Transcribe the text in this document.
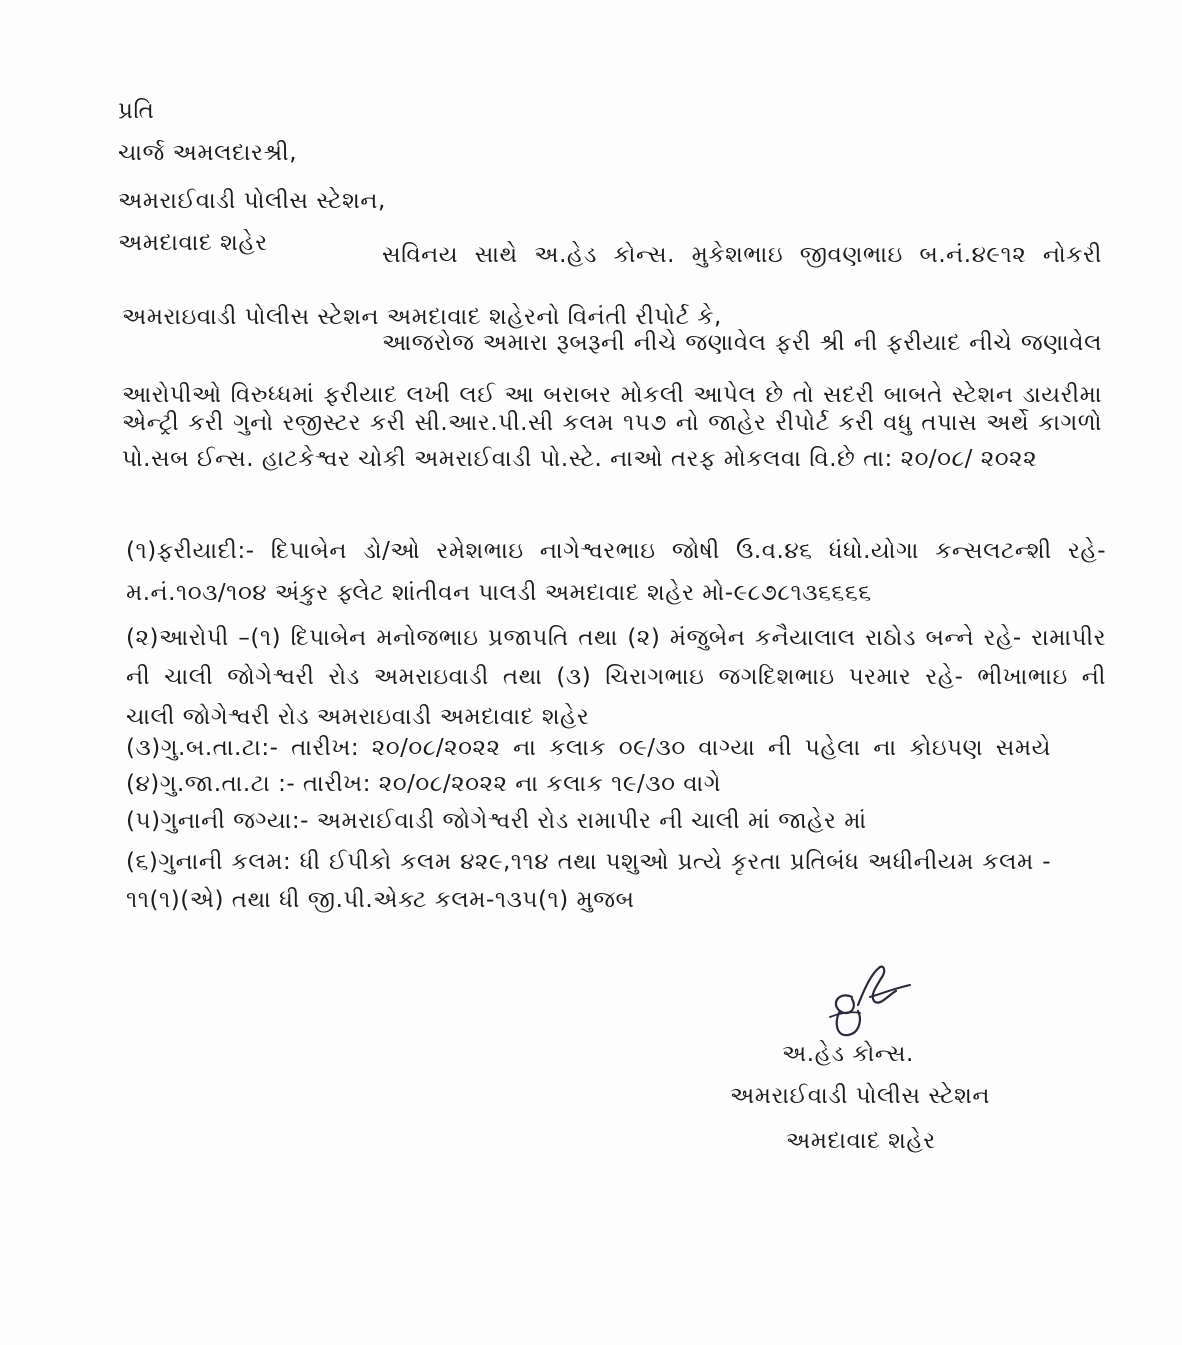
પ્રતિ
ચાર્જ અમલદારશ્રી,
અમરાઈવાડી પોલીસ સ્ટેશન,
અમદાવાદ શહેર	સવિનય સાથે અ.હેડ કોન્સ. મુકેશભાઇ જીવણભાઇ બ.નં.૪૯૧૨ નોકરી
અમરાઇવાડી પોલીસ સ્ટેશન અમદાવાદ શહેરનો વિનંતી રીપોર્ટ કે,
આજરોજ અમારા રૂબરૂની નીચે જણાવેલ ફરી શ્રી ની ફરીયાદ નીચે જણાવેલ
આરોપીઓ વિરુધ્ધમાં ફરીયાદ લખી લઈ આ બરાબર મોકલી આપેલ છે તો સદરી બાબતે સ્ટેશન ડાયરીમા
એન્ટ્રી કરી ગુનો રજીસ્ટર કરી સી.આર.પી.સી કલમ ૧૫૭ નો જાહેર રીપોર્ટ કરી વધુ તપાસ અર્થે કાગળો
પો.સબ ઈન્સ. હાટકેશ્વર ચોકી અમરાઈવાડી પો.સ્ટે. નાઓ તરફ મોકલવા વિ.છે તા: ૨૦/૦૮/ ૨૦૨૨
(૧)ફરીયાદી:- દિપાબેન ડો/ઓ રમેશભાઇ નાગેશ્વરભાઇ જોષી ઉ.વ.૪૬ ધંધો.યોગા કન્સલટન્શી રહે-
મ.નં.૧૦૩/૧૦૪ અંકુર ફ્લેટ શાંતીવન પાલડી અમદાવાદ શહેર મો-૯૮૭૮૧૩૬૬૬૬
(૨)આરોપી –(૧) દિપાબેન મનોજભાઇ પ્રજાપતિ તથા (૨) મંજુબેન કનૈયાલાલ રાઠોડ બન્ને રહે- રામાપીર
ની ચાલી જોગેશ્વરી રોડ અમરાઇવાડી તથા (૩) ચિરાગભાઇ જગદિશભાઇ પરમાર રહે- ભીખાભાઇ ની
ચાલી જોગેશ્વરી રોડ અમરાઇવાડી અમદાવાદ શહેર
(૩)ગુ.બ.તા.ટા:- તારીખ: ૨૦/૦૮/૨૦૨૨ ના કલાક ૦૯/૩૦ વાગ્યા ની પહેલા ના કોઇપણ સમયે
(૪)ગુ.જા.તા.ટા :- તારીખ: ૨૦/૦૮/૨૦૨૨ ના કલાક ૧૯/૩૦ વાગે
(૫)ગુનાની જગ્યા:- અમરાઈવાડી જોગેશ્વરી રોડ રામાપીર ની ચાલી માં જાહેર માં
(૬)ગુનાની કલમ: ધી ઈપીકો કલમ ૪૨૯,૧૧૪ તથા પશુઓ પ્રત્યે કૃરતા પ્રતિબંધ અધીનીયમ કલમ -
૧૧(૧)(એ) તથા ધી જી.પી.એક્ટ કલમ-૧૩૫(૧) મુજબ
અ.હેડ કોન્સ.
અમરાઈવાડી પોલીસ સ્ટેશન
અમદાવાદ શહેર
